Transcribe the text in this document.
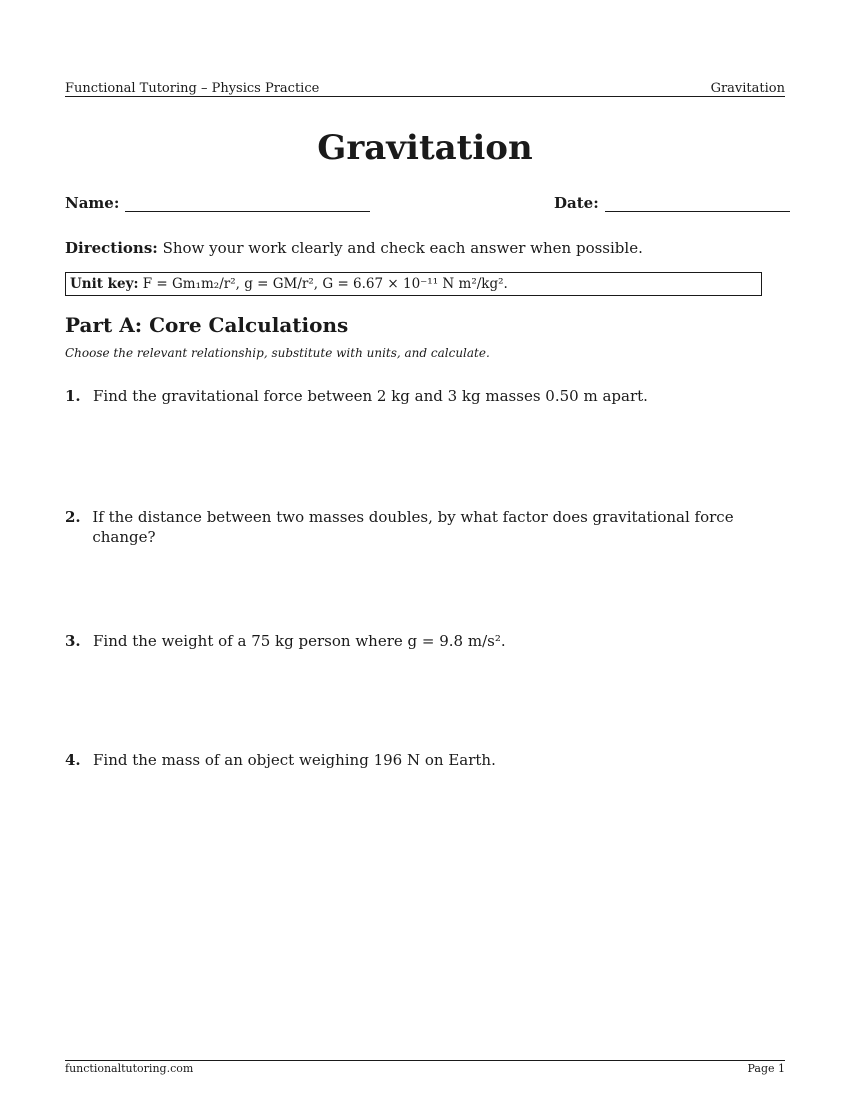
Functional Tutoring – Physics Practice	Gravitation
Gravitation
Name:	Date:
Directions: Show your work clearly and check each answer when possible.
Unit key: F = Gm₁m₂/r², g = GM/r², G = 6.67 × 10⁻¹¹ N m²/kg².
Part A: Core Calculations
Choose the relevant relationship, substitute with units, and calculate.
1. Find the gravitational force between 2 kg and 3 kg masses 0.50 m apart.
2. If the distance between two masses doubles, by what factor does gravitational force change?
3. Find the weight of a 75 kg person where g = 9.8 m/s².
4. Find the mass of an object weighing 196 N on Earth.
functionaltutoring.com	Page 1
